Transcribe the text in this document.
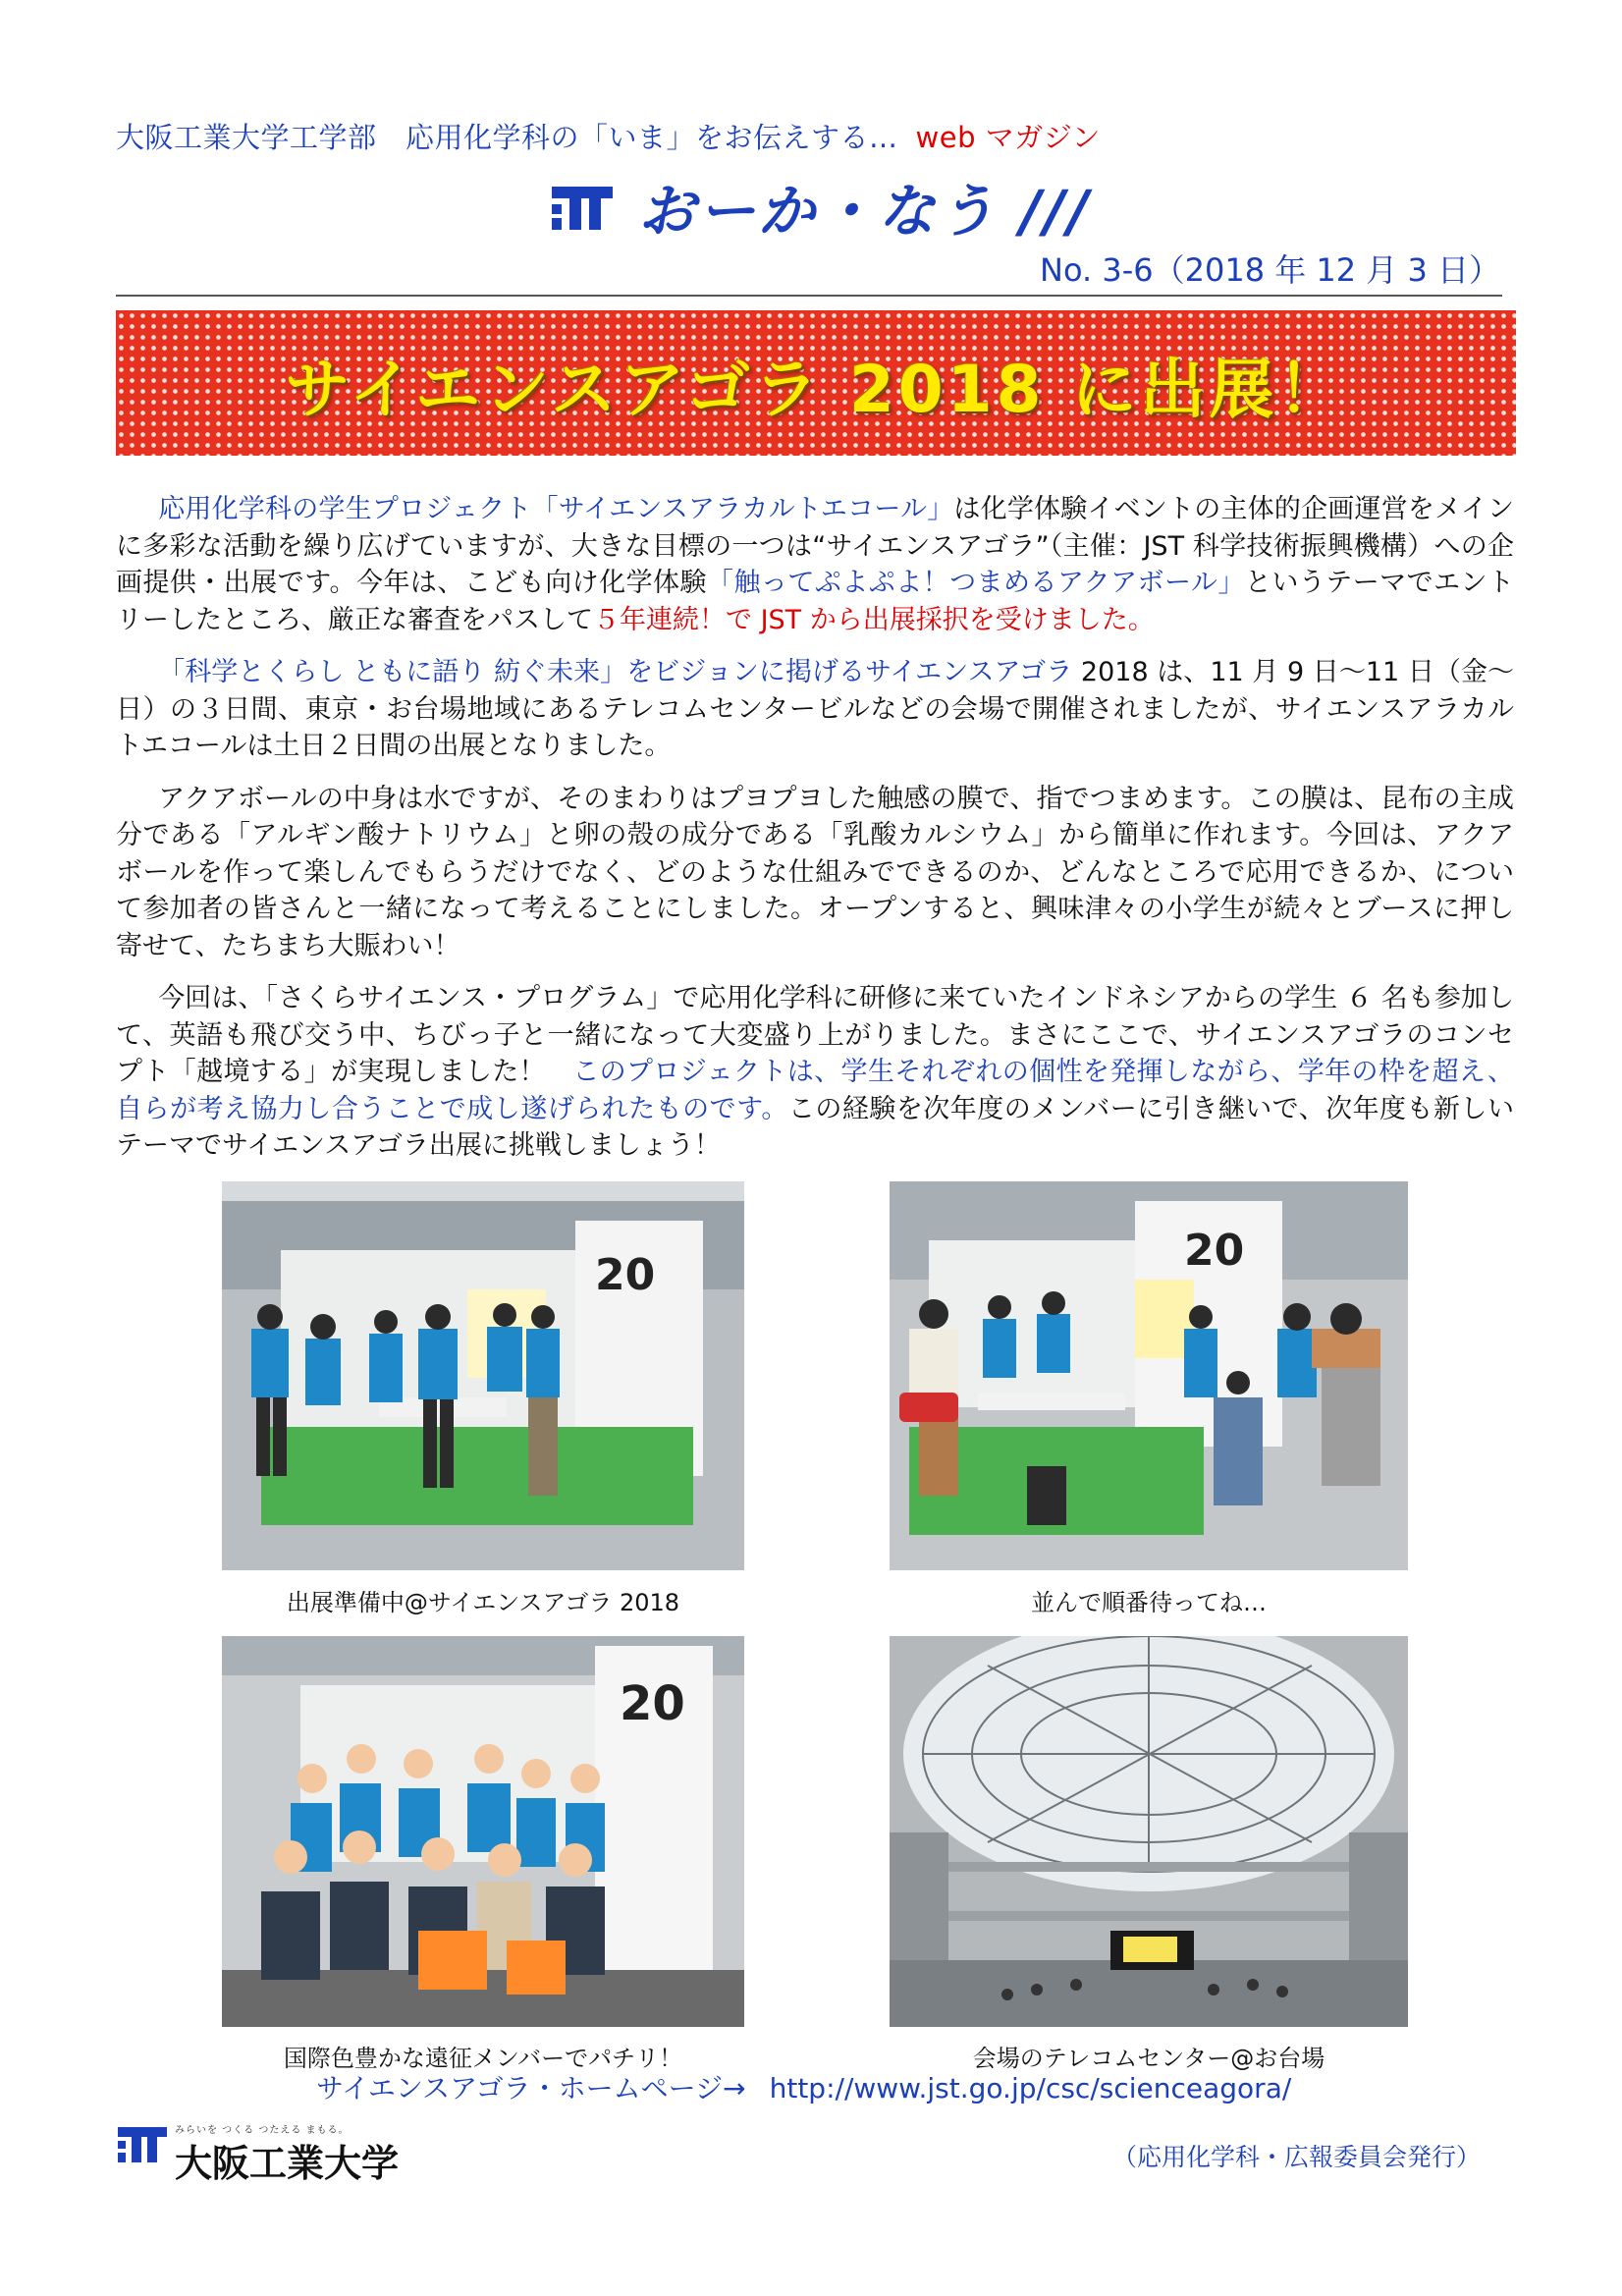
大阪工業大学工学部　応用化学科の「いま」をお伝えする… web マガジン
おーか・なう ///
No. 3-6（2018 年 12 月 3 日）
サイエンスアゴラ 2018 に出展！

応用化学科の学生プロジェクト「サイエンスアラカルトエコール」は化学体験イベントの主体的企画運営をメインに多彩な活動を繰り広げていますが、大きな目標の一つは“サイエンスアゴラ”（主催：JST 科学技術振興機構）への企画提供・出展です。今年は、こども向け化学体験「触ってぷよぷよ！つまめるアクアボール」というテーマでエントリーしたところ、厳正な審査をパスして５年連続！で JST から出展採択を受けました。

「科学とくらし ともに語り 紡ぐ未来」をビジョンに掲げるサイエンスアゴラ 2018 は、11 月 9 日〜11 日（金〜日）の３日間、東京・お台場地域にあるテレコムセンタービルなどの会場で開催されましたが、サイエンスアラカルトエコールは土日２日間の出展となりました。

アクアボールの中身は水ですが、そのまわりはプヨプヨした触感の膜で、指でつまめます。この膜は、昆布の主成分である「アルギン酸ナトリウム」と卵の殻の成分である「乳酸カルシウム」から簡単に作れます。今回は、アクアボールを作って楽しんでもらうだけでなく、どのような仕組みでできるのか、どんなところで応用できるか、について参加者の皆さんと一緒になって考えることにしました。オープンすると、興味津々の小学生が続々とブースに押し寄せて、たちまち大賑わい！

今回は、「さくらサイエンス・プログラム」で応用化学科に研修に来ていたインドネシアからの学生 ６ 名も参加して、英語も飛び交う中、ちびっ子と一緒になって大変盛り上がりました。まさにここで、サイエンスアゴラのコンセプト「越境する」が実現しました！　このプロジェクトは、学生それぞれの個性を発揮しながら、学年の枠を超え、自らが考え協力し合うことで成し遂げられたものです。この経験を次年度のメンバーに引き継いで、次年度も新しいテーマでサイエンスアゴラ出展に挑戦しましょう！

20
出展準備中@サイエンスアゴラ 2018
20
並んで順番待ってね…
20
国際色豊かな遠征メンバーでパチリ！	会場のテレコムセンター@お台場
サイエンスアゴラ・ホームページ→ http://www.jst.go.jp/csc/scienceagora/
みらいを つくる つたえる まもる。
大阪工業大学	（応用化学科・広報委員会発行）
